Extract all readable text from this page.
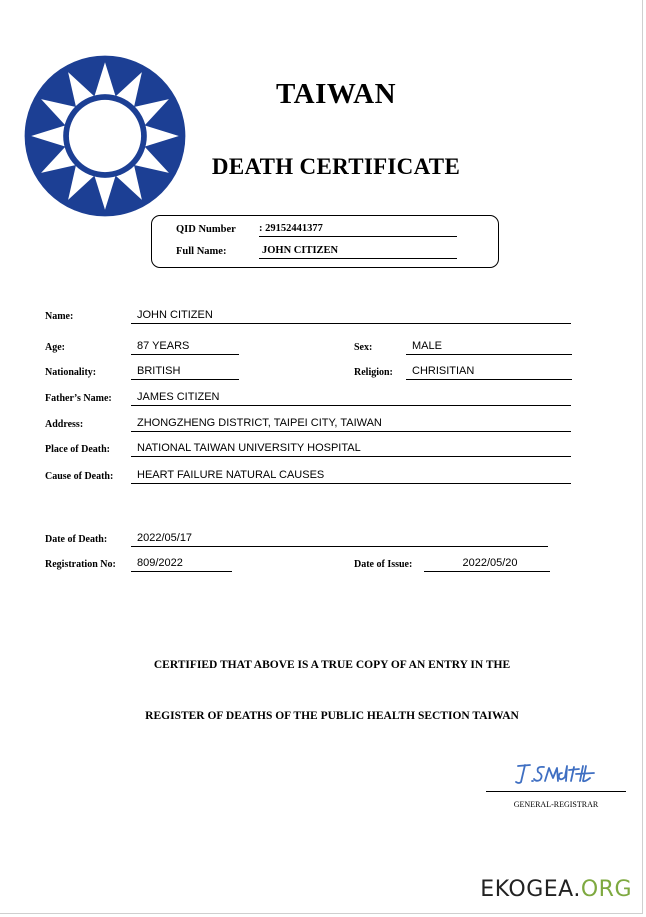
TAIWAN
DEATH CERTIFICATE
QID Number : 29152441377
Full Name:	JOHN CITIZEN
Name:	JOHN CITIZEN
Age:	87 YEARS	Sex:	MALE
Nationality:	BRITISH	Religion:	CHRISITIAN
Father’s Name:	JAMES CITIZEN
Address:	ZHONGZHENG DISTRICT, TAIPEI CITY, TAIWAN
Place of Death:	NATIONAL TAIWAN UNIVERSITY HOSPITAL
Cause of Death:	HEART FAILURE NATURAL CAUSES
Date of Death:	2022/05/17
Registration No:	809/2022	Date of Issue:	2022/05/20
CERTIFIED THAT ABOVE IS A TRUE COPY OF AN ENTRY IN THE
REGISTER OF DEATHS OF THE PUBLIC HEALTH SECTION TAIWAN
GENERAL-REGISTRAR
EKOGEA.ORG
